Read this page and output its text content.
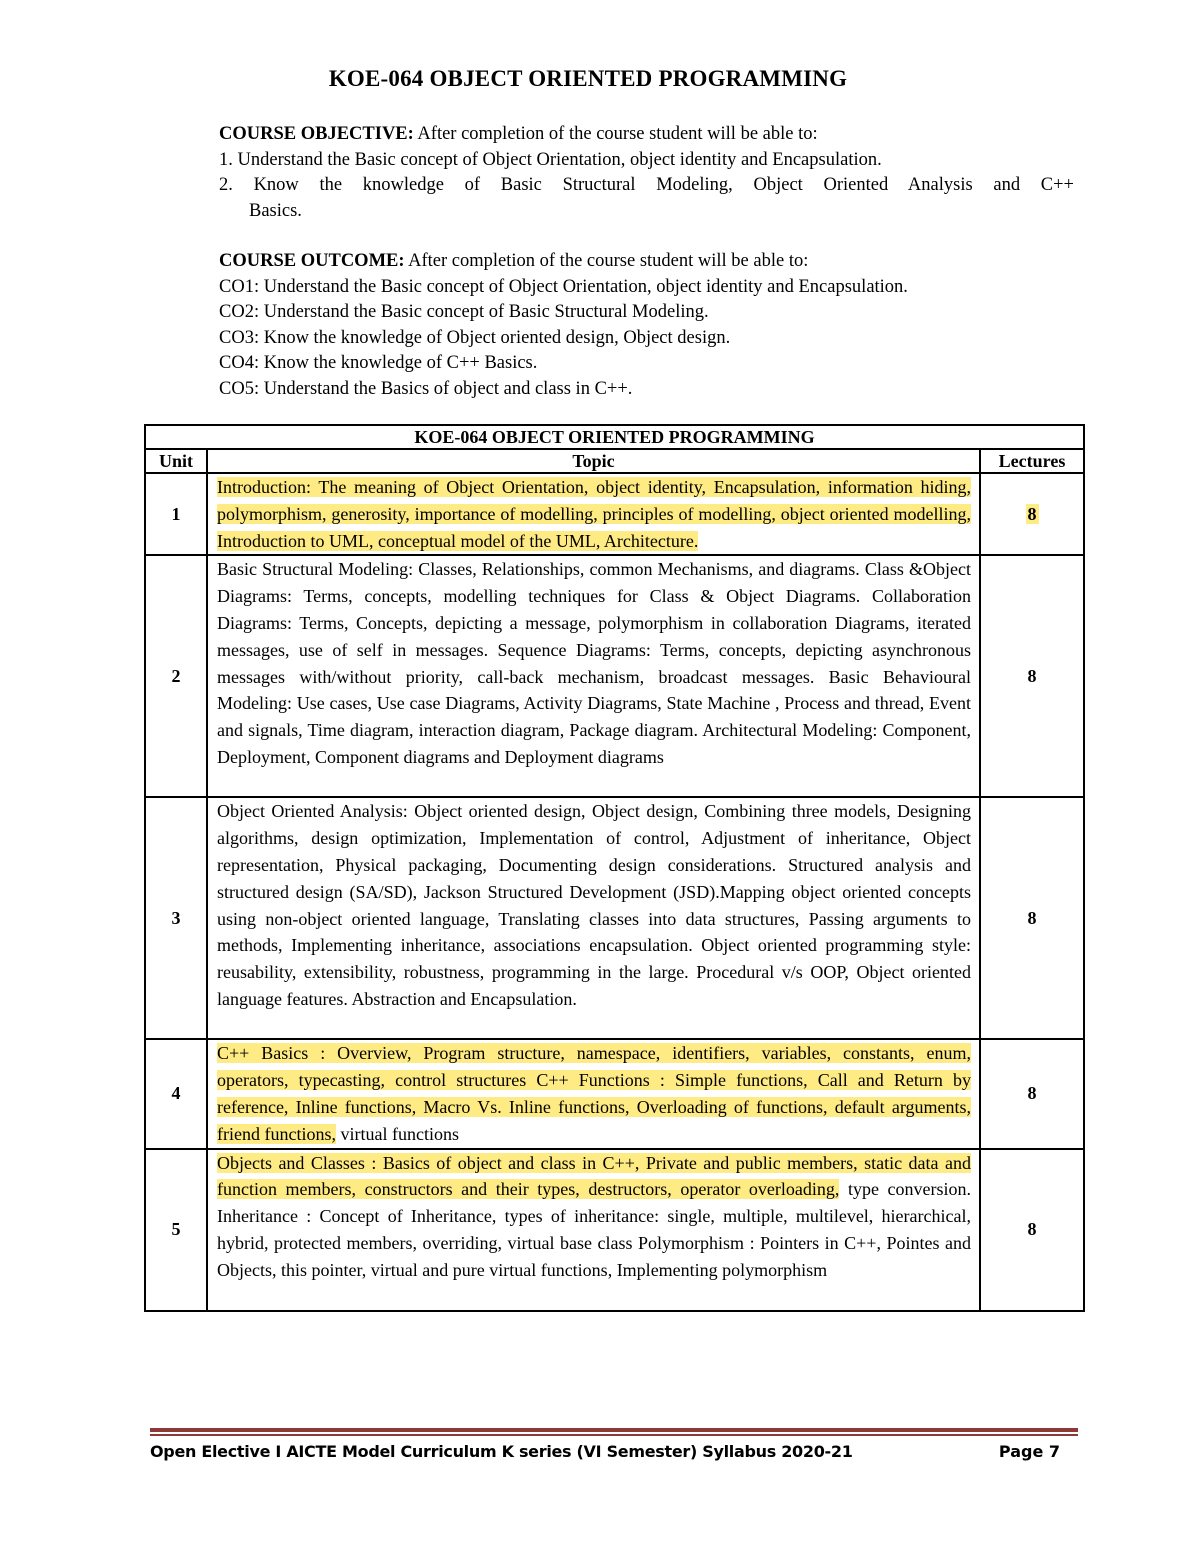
KOE-064 OBJECT ORIENTED PROGRAMMING
COURSE OBJECTIVE: After completion of the course student will be able to:
1. Understand the Basic concept of Object Orientation, object identity and Encapsulation.
2. Know the knowledge of Basic Structural Modeling, Object Oriented Analysis and C++
Basics.
COURSE OUTCOME: After completion of the course student will be able to:
CO1: Understand the Basic concept of Object Orientation, object identity and Encapsulation.
CO2: Understand the Basic concept of Basic Structural Modeling.
CO3: Know the knowledge of Object oriented design, Object design.
CO4: Know the knowledge of C++ Basics.
CO5: Understand the Basics of object and class in C++.
KOE-064 OBJECT ORIENTED PROGRAMMING		
Unit	Topic	Lectures
1	Introduction: The meaning of Object Orientation, object identity, Encapsulation, information hiding, polymorphism, generosity, importance of modelling, principles of modelling, object oriented modelling, Introduction to UML, conceptual model of the UML, Architecture.	8
2	Basic Structural Modeling: Classes, Relationships, common Mechanisms, and diagrams. Class &Object Diagrams: Terms, concepts, modelling techniques for Class & Object Diagrams. Collaboration Diagrams: Terms, Concepts, depicting a message, polymorphism in collaboration Diagrams, iterated messages, use of self in messages. Sequence Diagrams: Terms, concepts, depicting asynchronous messages with/without priority, call-back mechanism, broadcast messages. Basic Behavioural Modeling: Use cases, Use case Diagrams, Activity Diagrams, State Machine , Process and thread, Event and signals, Time diagram, interaction diagram, Package diagram. Architectural Modeling: Component, Deployment, Component diagrams and Deployment diagrams	8
3	Object Oriented Analysis: Object oriented design, Object design, Combining three models, Designing algorithms, design optimization, Implementation of control, Adjustment of inheritance, Object representation, Physical packaging, Documenting design considerations. Structured analysis and structured design (SA/SD), Jackson Structured Development (JSD).Mapping object oriented concepts using non-object oriented language, Translating classes into data structures, Passing arguments to methods, Implementing inheritance, associations encapsulation. Object oriented programming style: reusability, extensibility, robustness, programming in the large. Procedural v/s OOP, Object oriented language features. Abstraction and Encapsulation.	8
4	C++ Basics : Overview, Program structure, namespace, identifiers, variables, constants, enum, operators, typecasting, control structures C++ Functions : Simple functions, Call and Return by reference, Inline functions, Macro Vs. Inline functions, Overloading of functions, default arguments, friend functions, virtual functions	8
5	Objects and Classes : Basics of object and class in C++, Private and public members, static data and function members, constructors and their types, destructors, operator overloading, type conversion. Inheritance : Concept of Inheritance, types of inheritance: single, multiple, multilevel, hierarchical, hybrid, protected members, overriding, virtual base class Polymorphism : Pointers in C++, Pointes and Objects, this pointer, virtual and pure virtual functions, Implementing polymorphism	8
Open Elective I AICTE Model Curriculum K series (VI Semester) Syllabus 2020-21	Page 7
